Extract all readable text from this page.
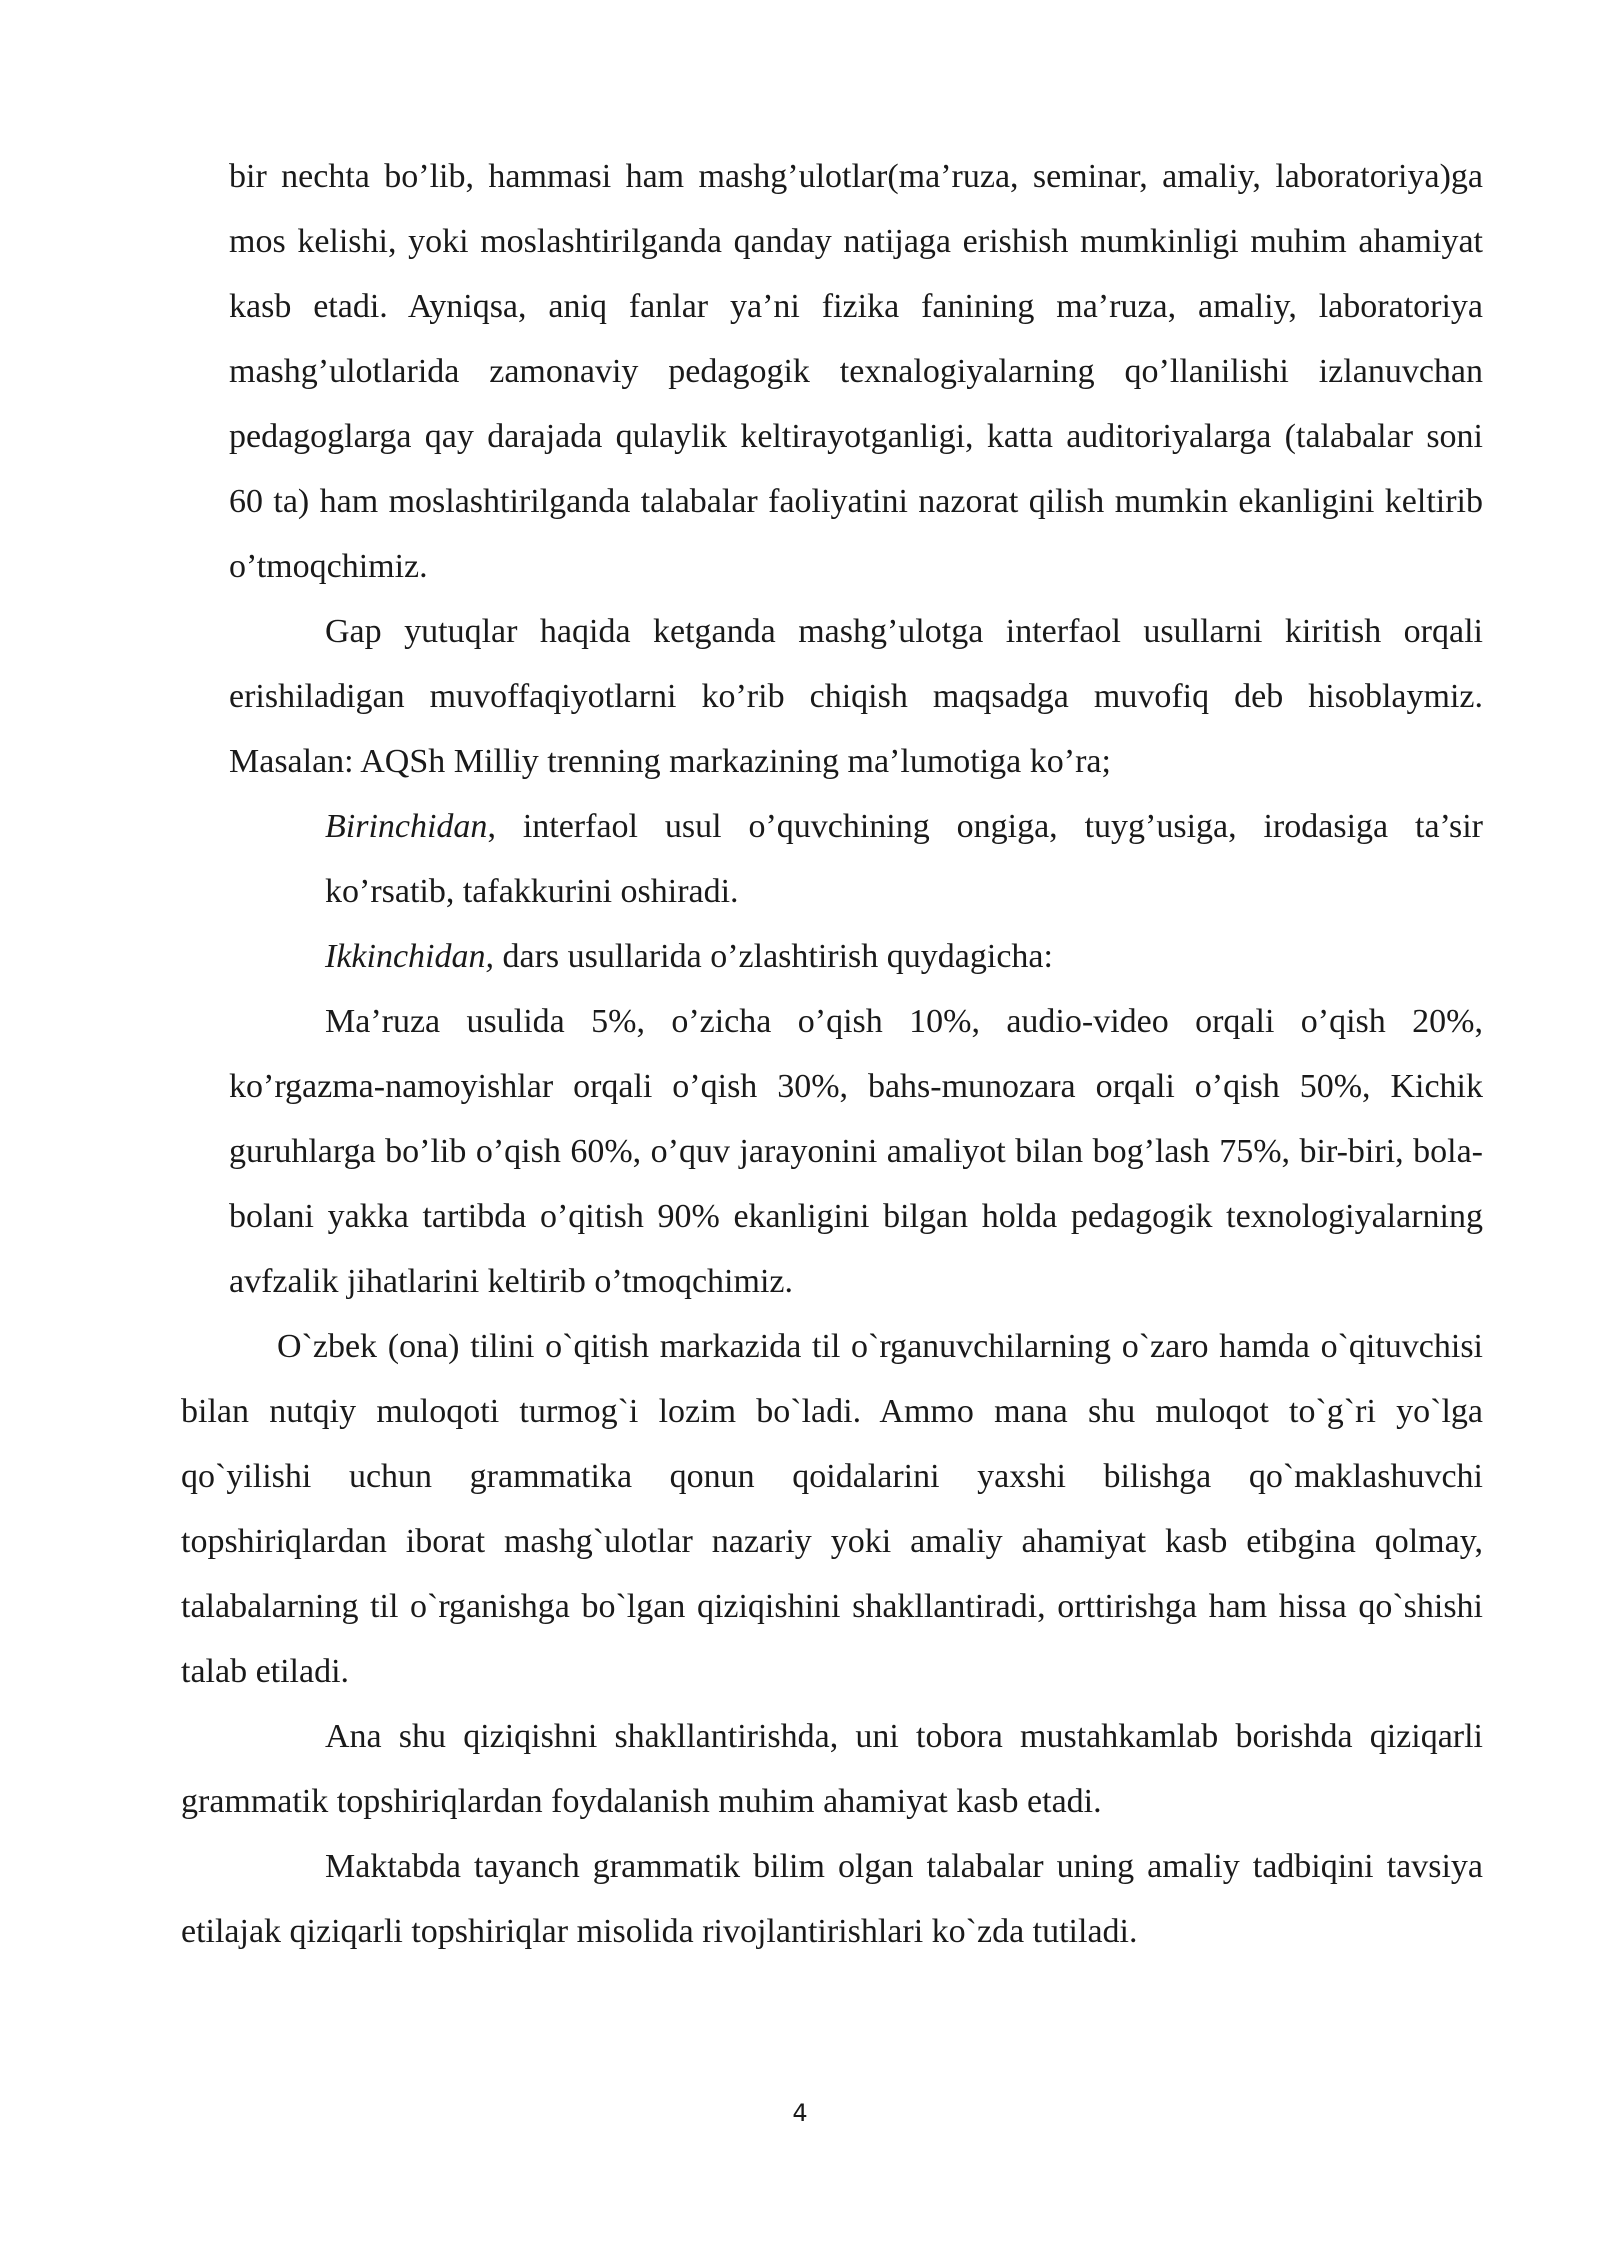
bir nechta bo’lib, hammasi ham mashg’ulotlar(ma’ruza, seminar, amaliy, laboratoriya)ga mos kelishi, yoki moslashtirilganda qanday natijaga erishish mumkinligi muhim ahamiyat kasb etadi. Ayniqsa, aniq fanlar ya’ni fizika fanining ma’ruza, amaliy, laboratoriya mashg’ulotlarida zamonaviy pedagogik texnalogiyalarning qo’llanilishi izlanuvchan pedagoglarga qay darajada qulaylik keltirayotganligi, katta auditoriyalarga (talabalar soni 60 ta) ham moslashtirilganda talabalar faoliyatini nazorat qilish mumkin ekanligini keltirib o’tmoqchimiz.

Gap yutuqlar haqida ketganda mashg’ulotga interfaol usullarni kiritish orqali erishiladigan muvoffaqiyotlarni ko’rib chiqish maqsadga muvofiq deb hisoblaymiz. Masalan: AQSh Milliy trenning markazining ma’lumotiga ko’ra;

Birinchidan, interfaol usul o’quvchining ongiga, tuyg’usiga, irodasiga ta’sir ko’rsatib, tafakkurini oshiradi.

Ikkinchidan, dars usullarida o’zlashtirish quydagicha:

Ma’ruza usulida 5%, o’zicha o’qish 10%, audio-video orqali o’qish 20%, ko’rgazma-namoyishlar orqali o’qish 30%, bahs-munozara orqali o’qish 50%, Kichik guruhlarga bo’lib o’qish 60%, o’quv jarayonini amaliyot bilan bog’lash 75%, bir-biri, bola-bolani yakka tartibda o’qitish 90% ekanligini bilgan holda pedagogik texnologiyalarning avfzalik jihatlarini keltirib o’tmoqchimiz.

O`zbek (ona) tilini o`qitish markazida til o`rganuvchilarning o`zaro hamda o`qituvchisi bilan nutqiy muloqoti turmog`i lozim bo`ladi. Ammo mana shu muloqot to`g`ri yo`lga qo`yilishi uchun grammatika qonun qoidalarini yaxshi bilishga qo`maklashuvchi topshiriqlardan iborat mashg`ulotlar nazariy yoki amaliy ahamiyat kasb etibgina qolmay, talabalarning til o`rganishga bo`lgan qiziqishini shakllantiradi, orttirishga ham hissa qo`shishi talab etiladi.

Ana shu qiziqishni shakllantirishda, uni tobora mustahkamlab borishda qiziqarli grammatik topshiriqlardan foydalanish muhim ahamiyat kasb etadi.

Maktabda tayanch grammatik bilim olgan talabalar uning amaliy tadbiqini tavsiya etilajak qiziqarli topshiriqlar misolida rivojlantirishlari ko`zda tutiladi.

4
